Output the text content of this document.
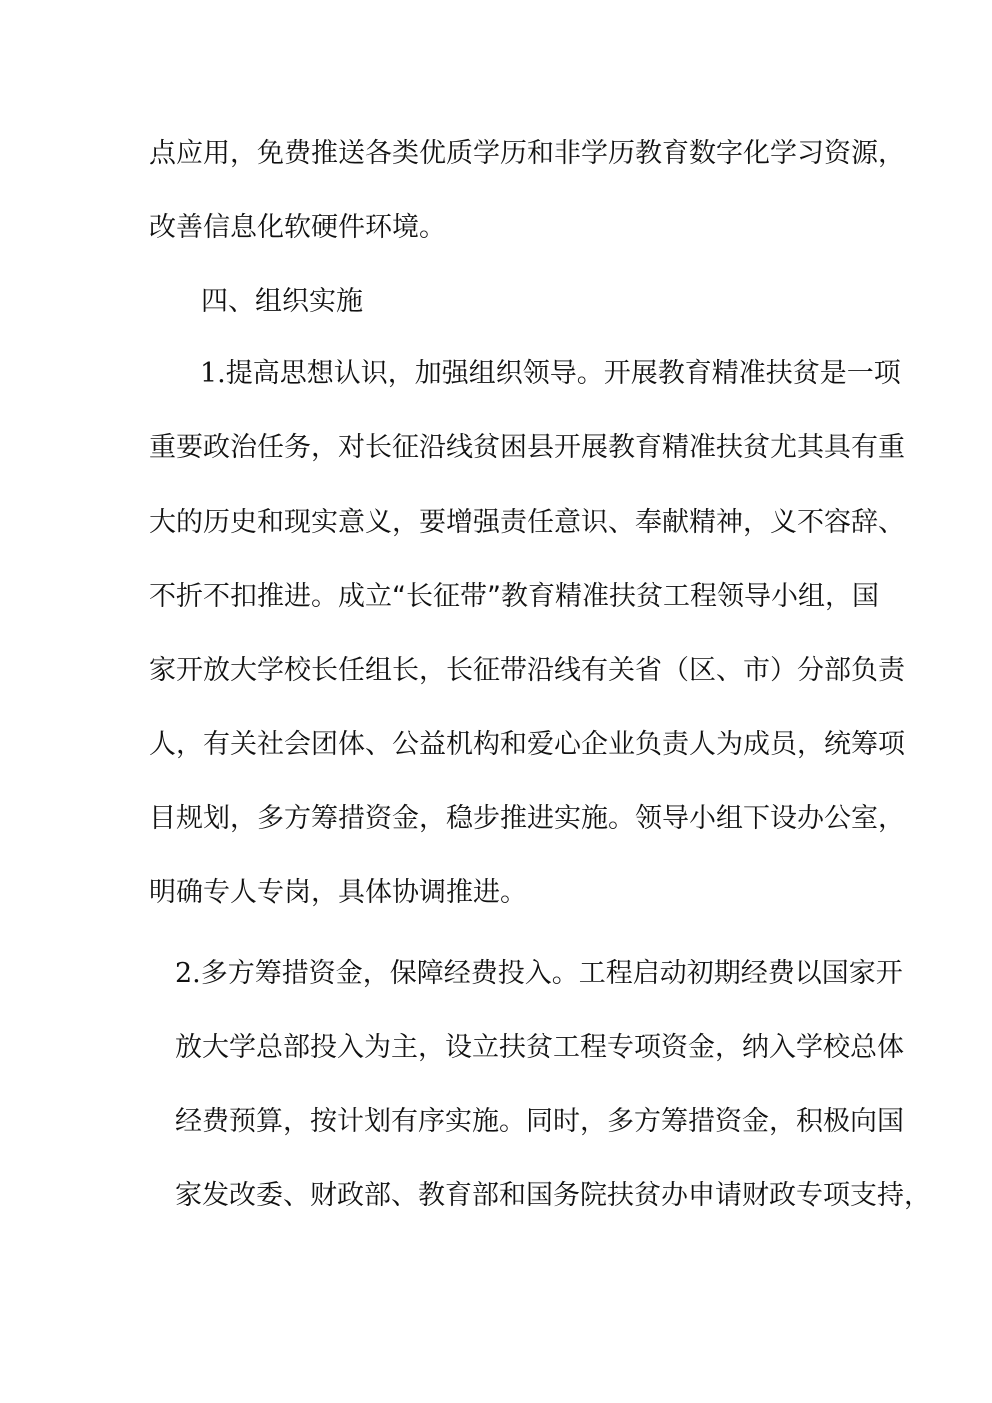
点应用，免费推送各类优质学历和非学历教育数字化学习资源，
改善信息化软硬件环境。
四、组织实施
1.提高思想认识，加强组织领导。开展教育精准扶贫是一项
重要政治任务，对长征沿线贫困县开展教育精准扶贫尤其具有重
大的历史和现实意义，要增强责任意识、奉献精神，义不容辞、
不折不扣推进。成立“长征带”教育精准扶贫工程领导小组，国
家开放大学校长任组长，长征带沿线有关省（区、市）分部负责
人，有关社会团体、公益机构和爱心企业负责人为成员，统筹项
目规划，多方筹措资金，稳步推进实施。领导小组下设办公室，
明确专人专岗，具体协调推进。
2.多方筹措资金，保障经费投入。工程启动初期经费以国家开
放大学总部投入为主，设立扶贫工程专项资金，纳入学校总体
经费预算，按计划有序实施。同时，多方筹措资金，积极向国
家发改委、财政部、教育部和国务院扶贫办申请财政专项支持，
